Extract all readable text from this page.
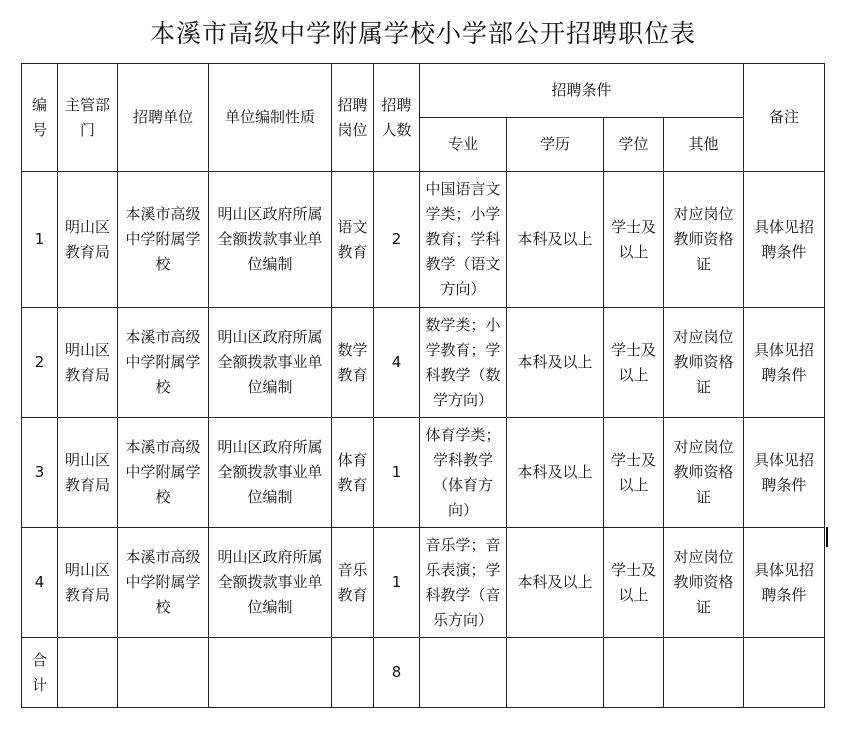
本溪市高级中学附属学校小学部公开招聘职位表
编号	主管部门	招聘单位	单位编制性质	招聘岗位	招聘人数	招聘条件				备注
						专业	学历	学位	其他	
1	明山区教育局	本溪市高级中学附属学校	明山区政府所属全额拨款事业单位编制	语文教育	2	中国语言文学类；小学教育；学科教学（语文方向）	本科及以上	学士及以上	对应岗位教师资格证	具体见招聘条件
2	明山区教育局	本溪市高级中学附属学校	明山区政府所属全额拨款事业单位编制	数学教育	4	数学类；小学教育；学科教学（数学方向）	本科及以上	学士及以上	对应岗位教师资格证	具体见招聘条件
3	明山区教育局	本溪市高级中学附属学校	明山区政府所属全额拨款事业单位编制	体育教育	1	体育学类；学科教学（体育方向）	本科及以上	学士及以上	对应岗位教师资格证	具体见招聘条件
4	明山区教育局	本溪市高级中学附属学校	明山区政府所属全额拨款事业单位编制	音乐教育	1	音乐学；音乐表演；学科教学（音乐方向）	本科及以上	学士及以上	对应岗位教师资格证	具体见招聘条件
合计					8					
